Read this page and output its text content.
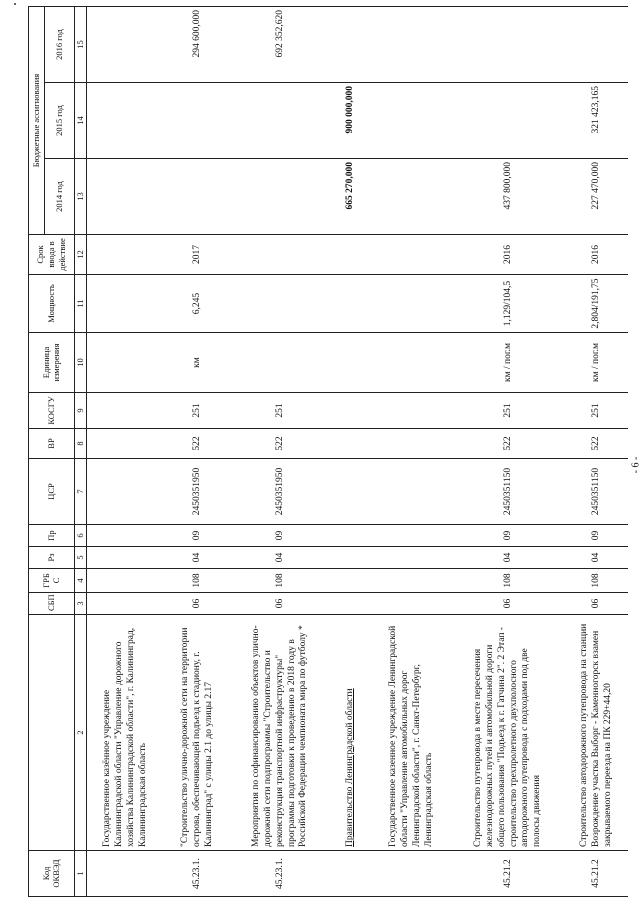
Код ОКВЭД		СБП	ГРБ С	Рз	Пр	ЦСР	ВР	КОСГУ	Единица измерения	Мощность	Срок ввода в действие	Бюджетные ассигнования		
												2014 год	2015 год	2016 год
1	2	3	4	5	6	7	8	9	10	11	12	13	14	15
	Государственное казённое учреждение Калининградской области "Управление дорожного хозяйства Калининградской области", г. Калининград, Калининградская область													
45.23.1.	"Строительство улично-дорожной сети на территории острова, обеспечивающей подъезд к стадиону, г. Калининград" с улицы 2.1 до улицы 2.17	06	108	04	09	2450351950	522	251	км	6,245	2017			294 600,000
45.23.1.	Мероприятия по софинансированию объектов улично-дорожной сети подпрограммы "Строительство и реконструкция транспортной инфраструктуры" программы подготовки к проведению в 2018 году в Российской Федерации чемпионата мира по футболу *	06	108	04	09	2450351950	522	251						692 352,620
	Правительство Ленинградской области											665 270,000	900 000,000	
	Государственное казенное учреждение Ленинградской области "Управление автомобильных дорог Ленинградской области", г. Санкт-Петербург, Ленинградская область													
45.21.2	Строительство путепровода в месте пересечения железнодорожных путей и автомобильной дороги общего пользования "Подъезд к г. Гатчина 2". 2 Этап - строительство трехпролетного двухполосного автодорожного путепровода с подходами под две полосы движения	06	108	04	09	2450351150	522	251	км / пог.м	1,129/104,5	2016	437 800,000		
45.21.2	Строительство автодорожного путепровода на станции Возрождение участка Выборг - Каменногорск взамен закрываемого переезда на ПК 229+44,20	06	108	04	09	2450351150	522	251	км / пог.м	2,804/191,75	2016	227 470,000	321 423,165	
- 6 -
